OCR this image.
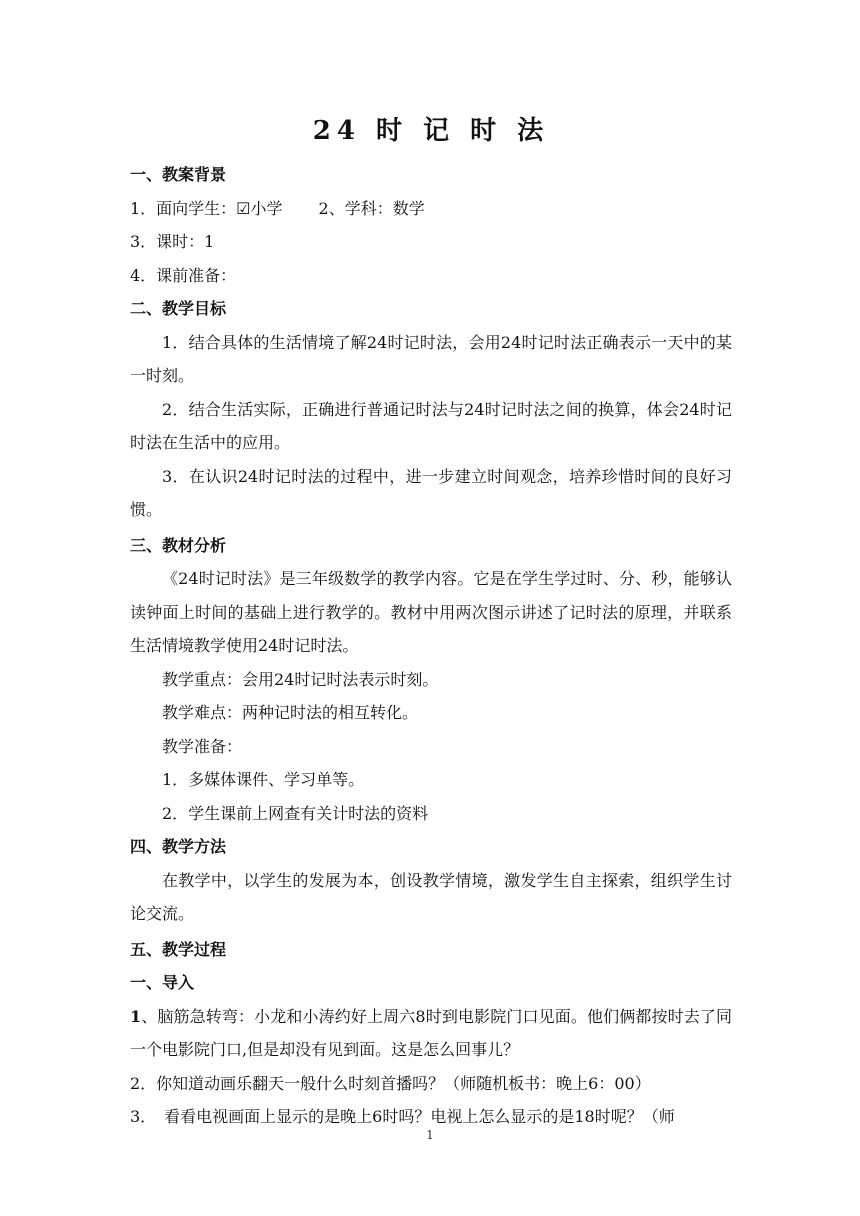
24 时 记 时 法

一、教案背景

1．面向学生：☑小学 2、学科：数学

3．课时：1

4．课前准备：

二、教学目标

1．结合具体的生活情境了解24时记时法，会用24时记时法正确表示一天中的某一时刻。

2．结合生活实际，正确进行普通记时法与24时记时法之间的换算，体会24时记时法在生活中的应用。

3．在认识24时记时法的过程中，进一步建立时间观念，培养珍惜时间的良好习惯。

三、教材分析

《24时记时法》是三年级数学的教学内容。它是在学生学过时、分、秒，能够认读钟面上时间的基础上进行教学的。教材中用两次图示讲述了记时法的原理，并联系生活情境教学使用24时记时法。

教学重点：会用24时记时法表示时刻。

教学难点：两种记时法的相互转化。

教学准备：

1．多媒体课件、学习单等。

2．学生课前上网查有关计时法的资料

四、教学方法

在教学中，以学生的发展为本，创设教学情境，激发学生自主探索，组织学生讨论交流。

五、教学过程

一、导入

1、脑筋急转弯：小龙和小涛约好上周六8时到电影院门口见面。他们俩都按时去了同一个电影院门口,但是却没有见到面。这是怎么回事儿？

2．你知道动画乐翻天一般什么时刻首播吗？（师随机板书：晚上6：00）

3．　看看电视画面上显示的是晚上6时吗？电视上怎么显示的是18时呢？（师

1
